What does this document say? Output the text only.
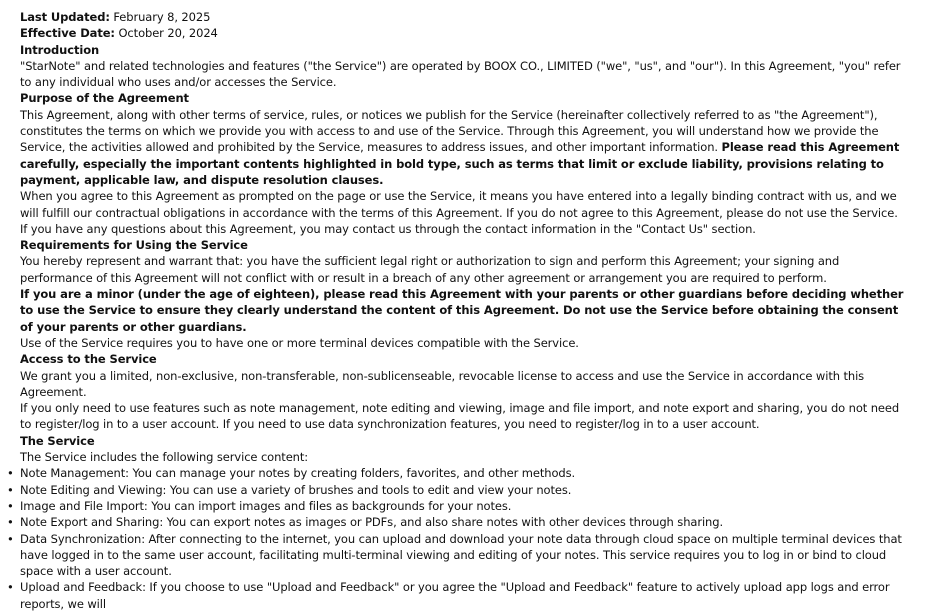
Last Updated: February 8, 2025

Effective Date: October 20, 2024

Introduction

"StarNote" and related technologies and features ("the Service") are operated by BOOX CO., LIMITED ("we", "us", and "our"). In this Agreement, "you" refer to any individual who uses and/or accesses the Service.

Purpose of the Agreement

This Agreement, along with other terms of service, rules, or notices we publish for the Service (hereinafter collectively referred to as "the Agreement"), constitutes the terms on which we provide you with access to and use of the Service. Through this Agreement, you will understand how we provide the Service, the activities allowed and prohibited by the Service, measures to address issues, and other important information. Please read this Agreement carefully, especially the important contents highlighted in bold type, such as terms that limit or exclude liability, provisions relating to payment, applicable law, and dispute resolution clauses.

When you agree to this Agreement as prompted on the page or use the Service, it means you have entered into a legally binding contract with us, and we will fulfill our contractual obligations in accordance with the terms of this Agreement. If you do not agree to this Agreement, please do not use the Service.

If you have any questions about this Agreement, you may contact us through the contact information in the "Contact Us" section.

Requirements for Using the Service

You hereby represent and warrant that: you have the sufficient legal right or authorization to sign and perform this Agreement; your signing and performance of this Agreement will not conflict with or result in a breach of any other agreement or arrangement you are required to perform.

If you are a minor (under the age of eighteen), please read this Agreement with your parents or other guardians before deciding whether to use the Service to ensure they clearly understand the content of this Agreement. Do not use the Service before obtaining the consent of your parents or other guardians.

Use of the Service requires you to have one or more terminal devices compatible with the Service.

Access to the Service

We grant you a limited, non-exclusive, non-transferable, non-sublicenseable, revocable license to access and use the Service in accordance with this Agreement.

If you only need to use features such as note management, note editing and viewing, image and file import, and note export and sharing, you do not need to register/log in to a user account. If you need to use data synchronization features, you need to register/log in to a user account.

The Service

The Service includes the following service content:

• Note Management: You can manage your notes by creating folders, favorites, and other methods.
• Note Editing and Viewing: You can use a variety of brushes and tools to edit and view your notes.
• Image and File Import: You can import images and files as backgrounds for your notes.
• Note Export and Sharing: You can export notes as images or PDFs, and also share notes with other devices through sharing.
• Data Synchronization: After connecting to the internet, you can upload and download your note data through cloud space on multiple terminal devices that have logged in to the same user account, facilitating multi-terminal viewing and editing of your notes. This service requires you to log in or bind to cloud space with a user account.
• Upload and Feedback: If you choose to use "Upload and Feedback" or you agree the "Upload and Feedback" feature to actively upload app logs and error reports, we will
